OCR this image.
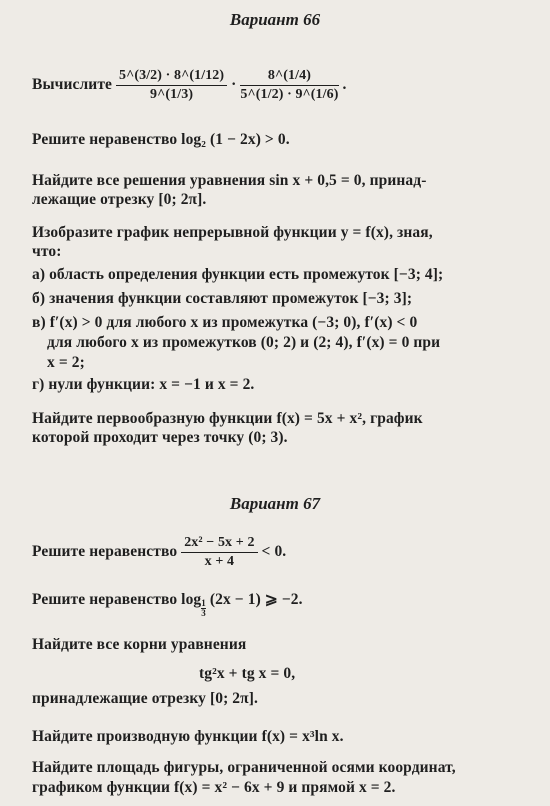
Вариант 66
Вычислите $\frac{5\^{}(3/2) \cdot 8\^{}(1/12)}{9\^{}(1/3)} \cdot \frac{8\^{}(1/4)}{5\^{}(1/2) \cdot 9\^{}(1/6)}$ .
Решите неравенство log₂ (1 − 2x) > 0.
Найдите все решения уравнения sin x + 0,5 = 0, принад-
лежащие отрезку [0; 2π].
Изобразите график непрерывной функции y = f(x), зная,
что:
а) область определения функции есть промежуток [−3; 4];
б) значения функции составляют промежуток [−3; 3];
в) f′(x) > 0 для любого x из промежутка (−3; 0), f′(x) < 0
для любого x из промежутков (0; 2) и (2; 4), f′(x) = 0 при
x = 2;
г) нули функции: x = −1 и x = 2.
Найдите первообразную функции f(x) = 5x + x², график
которой проходит через точку (0; 3).
Вариант 67
Решите неравенство $\frac{\text{2x² − 5x + 2}}{x + 4} < 0$.
Решите неравенство $\log \frac{1}{3} (2x - 1)$ ⩾ −2.
Найдите все корни уравнения
tg²x + tg x = 0,
принадлежащие отрезку [0; 2π].
Найдите производную функции f(x) = x³ln x.
Найдите площадь фигуры, ограниченной осями координат,
графиком функции f(x) = x² − 6x + 9 и прямой x = 2.
